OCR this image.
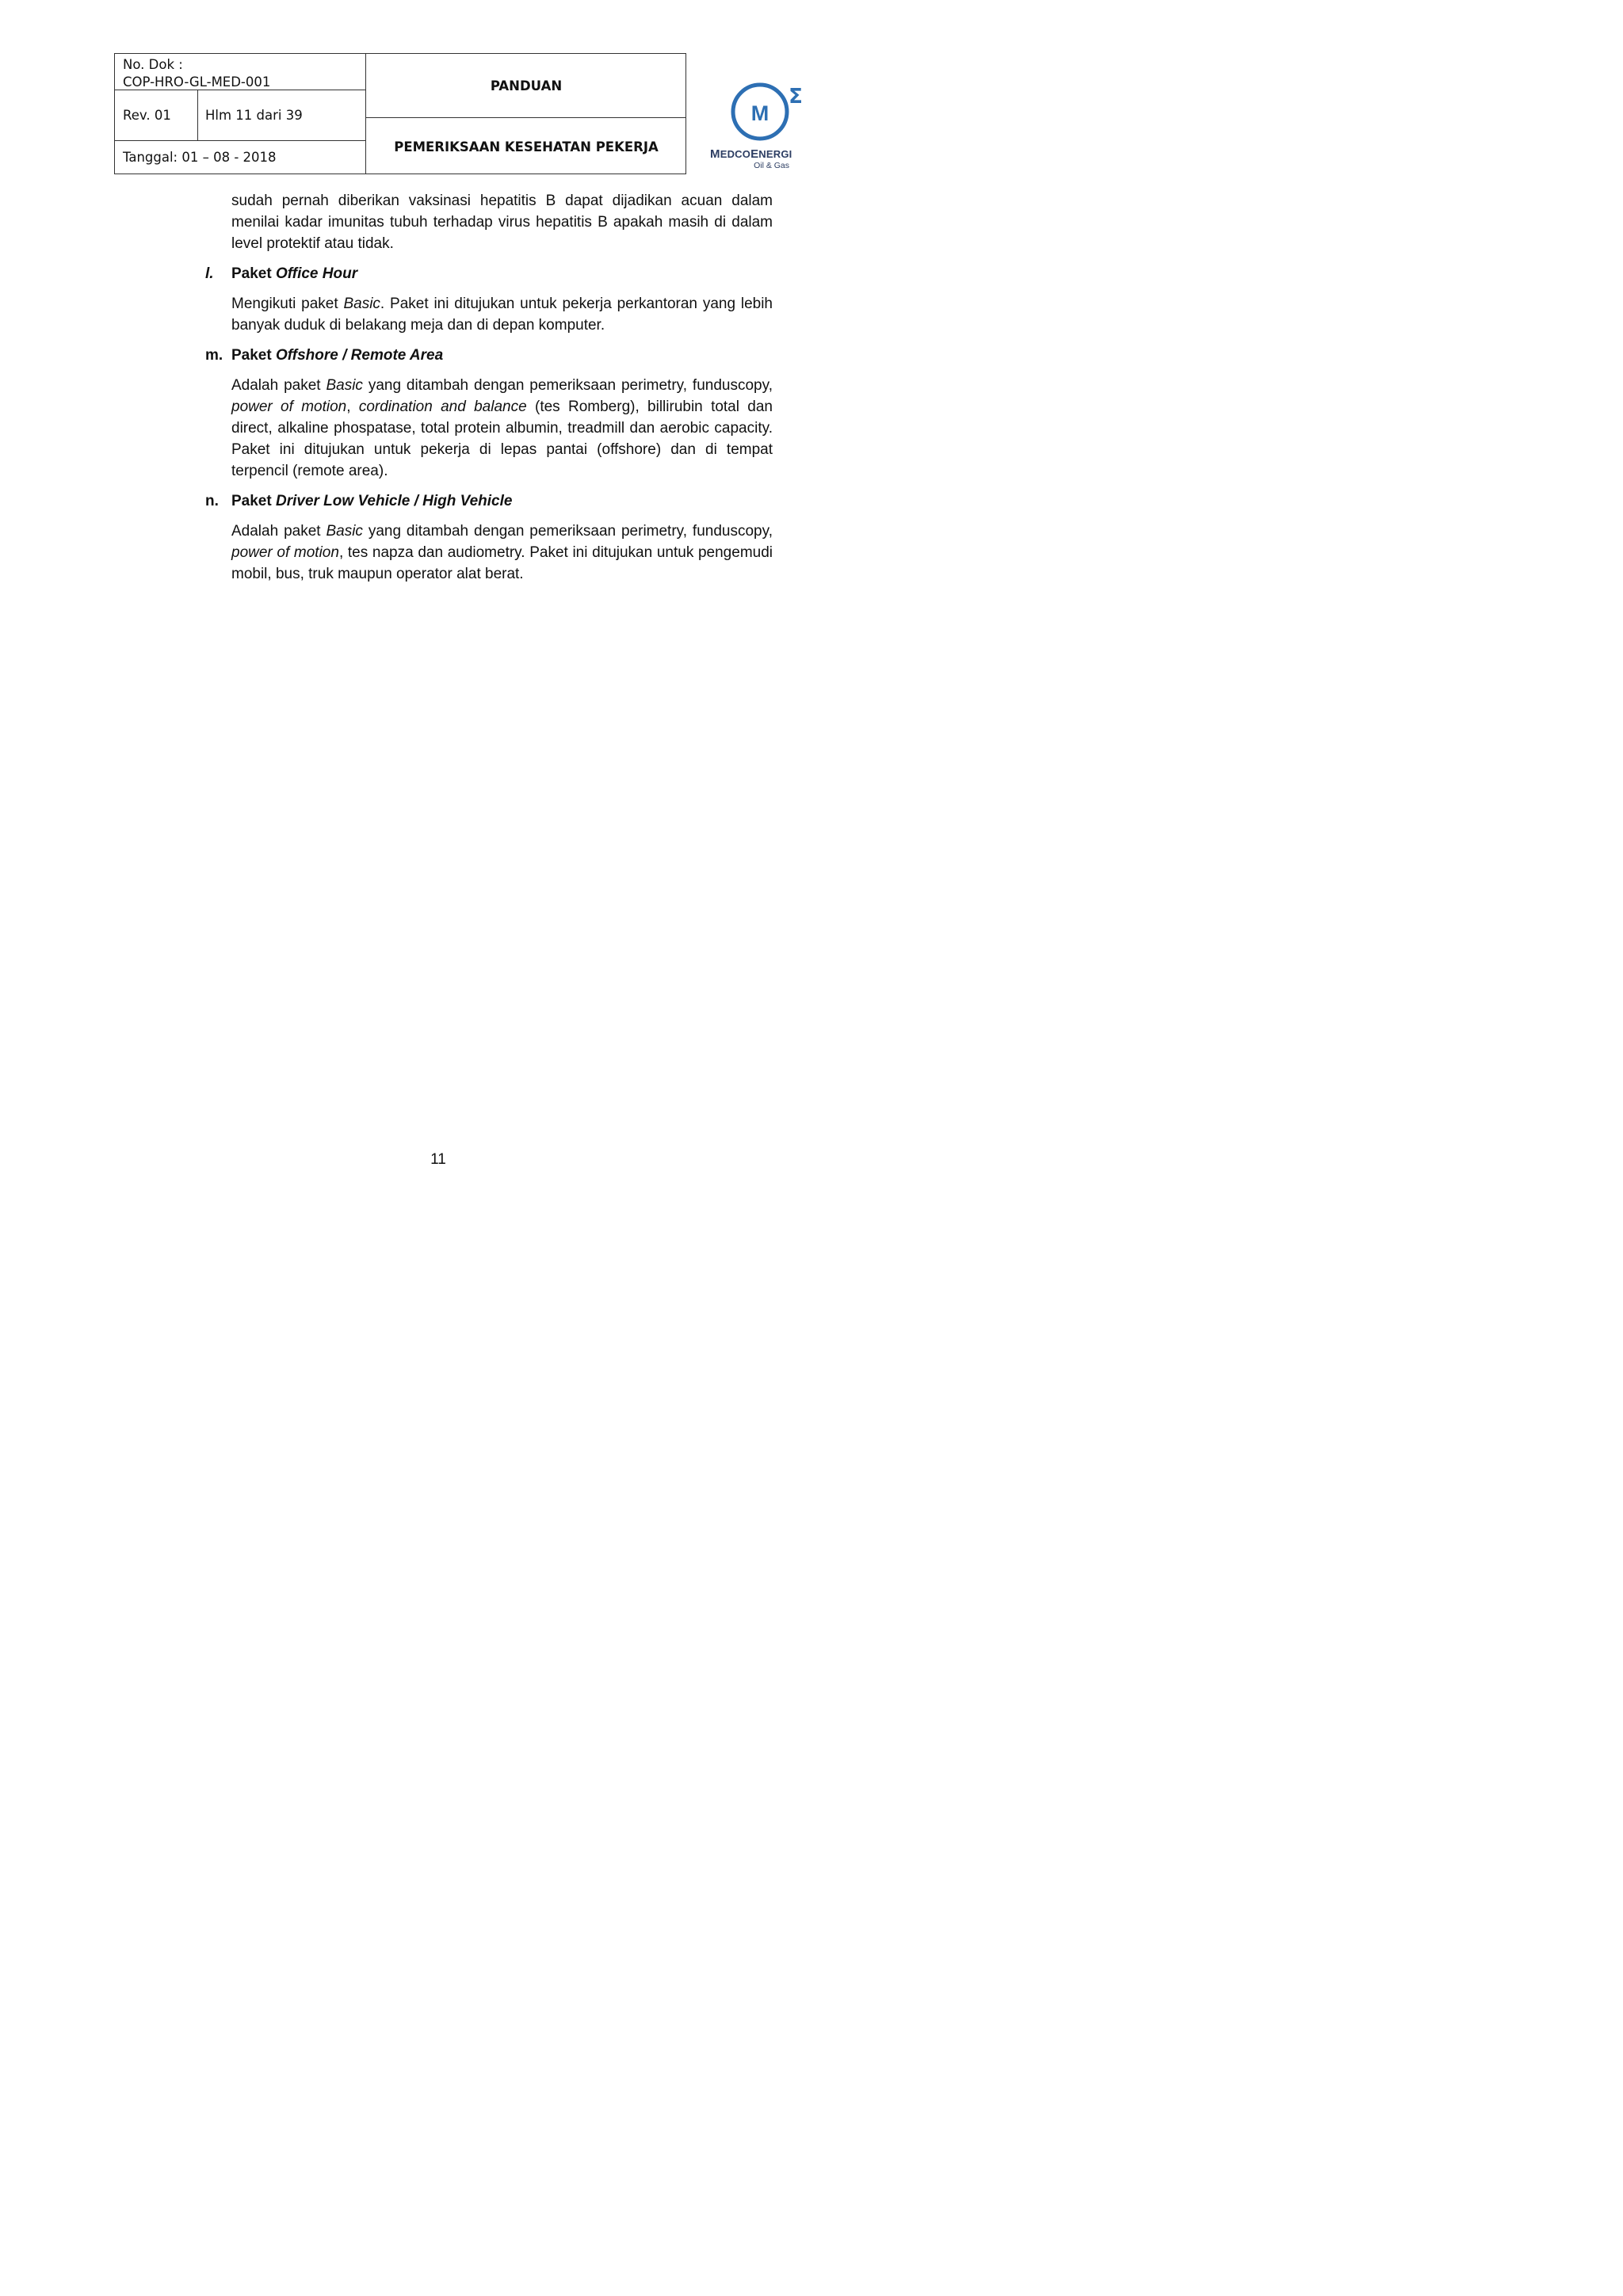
No. Dok :
COP-HRO-GL-MED-001
Rev. 01	Hlm 11 dari 39
Tanggal: 01 – 08 - 2018
PANDUAN
PEMERIKSAAN KESEHATAN PEKERJA
M
Σ
MEDCOENERGI
Oil & Gas

sudah pernah diberikan vaksinasi hepatitis B dapat dijadikan acuan dalam menilai kadar imunitas tubuh terhadap virus hepatitis B apakah masih di dalam level protektif atau tidak.

l. Paket Office Hour

Mengikuti paket Basic. Paket ini ditujukan untuk pekerja perkantoran yang lebih banyak duduk di belakang meja dan di depan komputer.

m. Paket Offshore / Remote Area

Adalah paket Basic yang ditambah dengan pemeriksaan perimetry, funduscopy, power of motion, cordination and balance (tes Romberg), billirubin total dan direct, alkaline phospatase, total protein albumin, treadmill dan aerobic capacity. Paket ini ditujukan untuk pekerja di lepas pantai (offshore) dan di tempat terpencil (remote area).

n. Paket Driver Low Vehicle / High Vehicle

Adalah paket Basic yang ditambah dengan pemeriksaan perimetry, funduscopy, power of motion, tes napza dan audiometry. Paket ini ditujukan untuk pengemudi mobil, bus, truk maupun operator alat berat.

11
